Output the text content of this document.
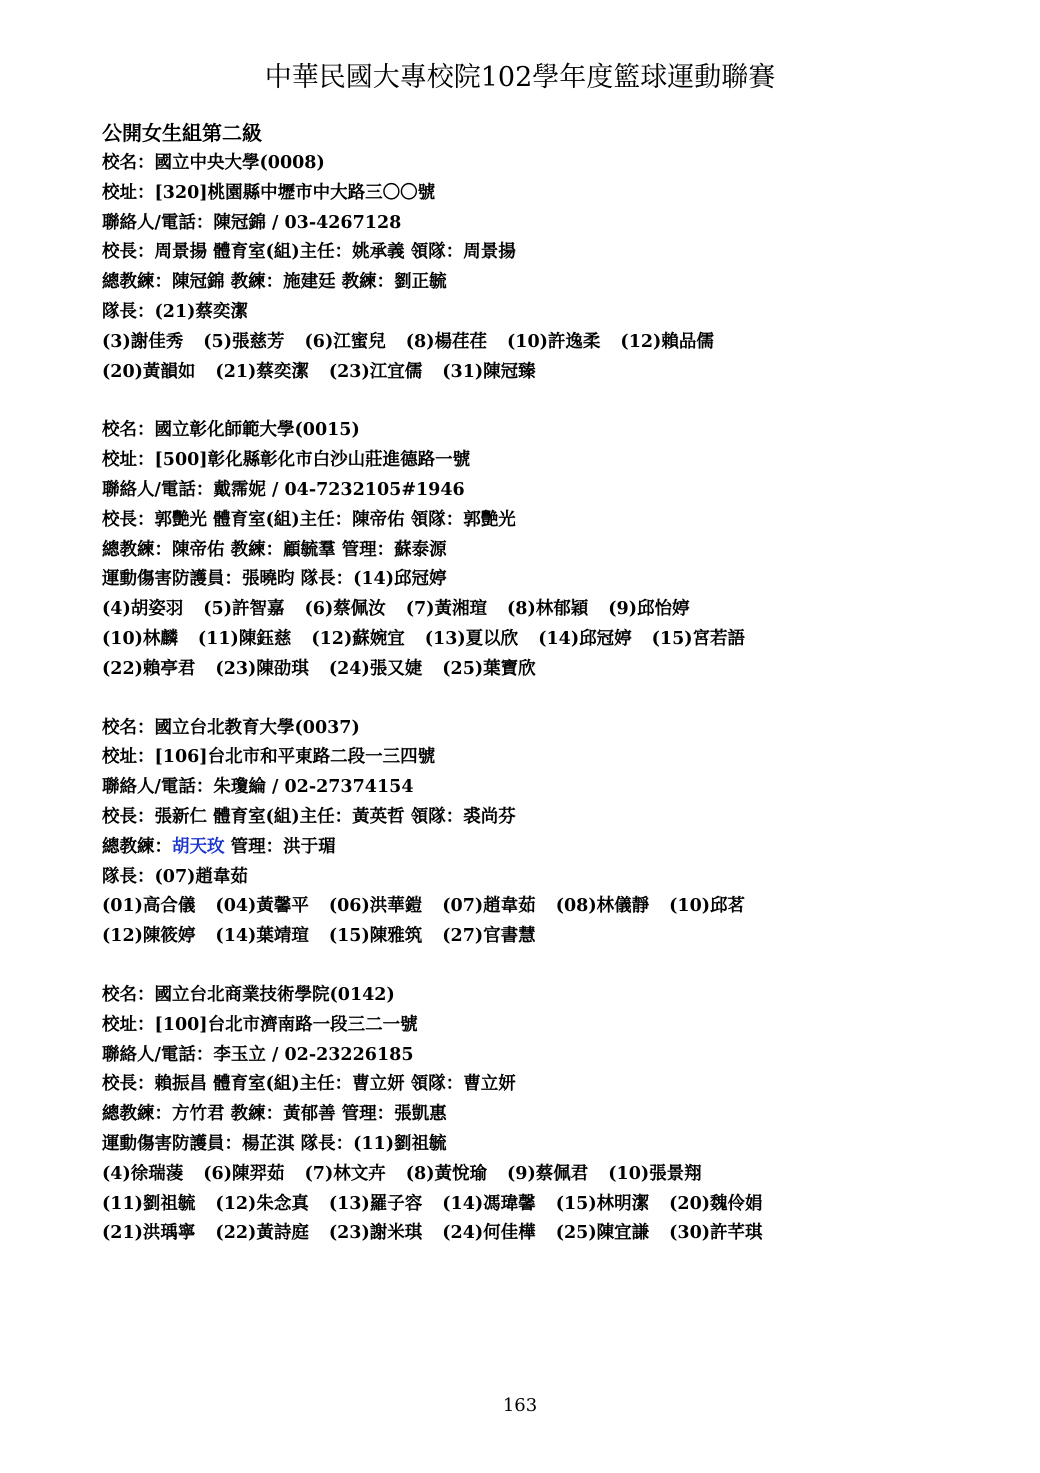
中華民國大專校院102學年度籃球運動聯賽
公開女生組第二級
校名：國立中央大學(0008)
校址：[320]桃園縣中壢市中大路三〇〇號
聯絡人/電話：陳冠錦 / 03-4267128
校長：周景揚 體育室(組)主任：姚承義 領隊：周景揚
總教練：陳冠錦 教練：施建廷 教練：劉正毓
隊長：(21)蔡奕潔
(3)謝佳秀 (5)張慈芳 (6)江蜜兒 (8)楊荏荏 (10)許逸柔 (12)賴品儒
(20)黃韻如 (21)蔡奕潔 (23)江宜儒 (31)陳冠臻
校名：國立彰化師範大學(0015)
校址：[500]彰化縣彰化市白沙山莊進德路一號
聯絡人/電話：戴霈妮 / 04-7232105#1946
校長：郭艷光 體育室(組)主任：陳帝佑 領隊：郭艷光
總教練：陳帝佑 教練：顧毓羣 管理：蘇泰源
運動傷害防護員：張曉昀 隊長：(14)邱冠婷
(4)胡姿羽 (5)許智嘉 (6)蔡佩汝 (7)黃湘瑄 (8)林郁穎 (9)邱怡婷
(10)林麟 (11)陳鈺慈 (12)蘇婉宜 (13)夏以欣 (14)邱冠婷 (15)宮若語
(22)賴亭君 (23)陳劭琪 (24)張又婕 (25)葉寶欣
校名：國立台北教育大學(0037)
校址：[106]台北市和平東路二段一三四號
聯絡人/電話：朱瓊綸 / 02-27374154
校長：張新仁 體育室(組)主任：黃英哲 領隊：裘尚芬
總教練：胡天玫 管理：洪于瑂
隊長：(07)趙韋茹
(01)高合儀 (04)黃馨平 (06)洪華鎧 (07)趙韋茹 (08)林儀靜 (10)邱茗
(12)陳筱婷 (14)葉靖瑄 (15)陳雅筑 (27)官書慧
校名：國立台北商業技術學院(0142)
校址：[100]台北市濟南路一段三二一號
聯絡人/電話：李玉立 / 02-23226185
校長：賴振昌 體育室(組)主任：曹立妍 領隊：曹立妍
總教練：方竹君 教練：黃郁善 管理：張凱惠
運動傷害防護員：楊芷淇 隊長：(11)劉祖毓
(4)徐瑞蓤 (6)陳羿茹 (7)林文卉 (8)黃悅瑜 (9)蔡佩君 (10)張景翔
(11)劉祖毓 (12)朱念真 (13)羅子容 (14)馮瑋馨 (15)林明潔 (20)魏伶娟
(21)洪瑀寧 (22)黃詩庭 (23)謝米琪 (24)何佳樺 (25)陳宜謙 (30)許芊琪
163
